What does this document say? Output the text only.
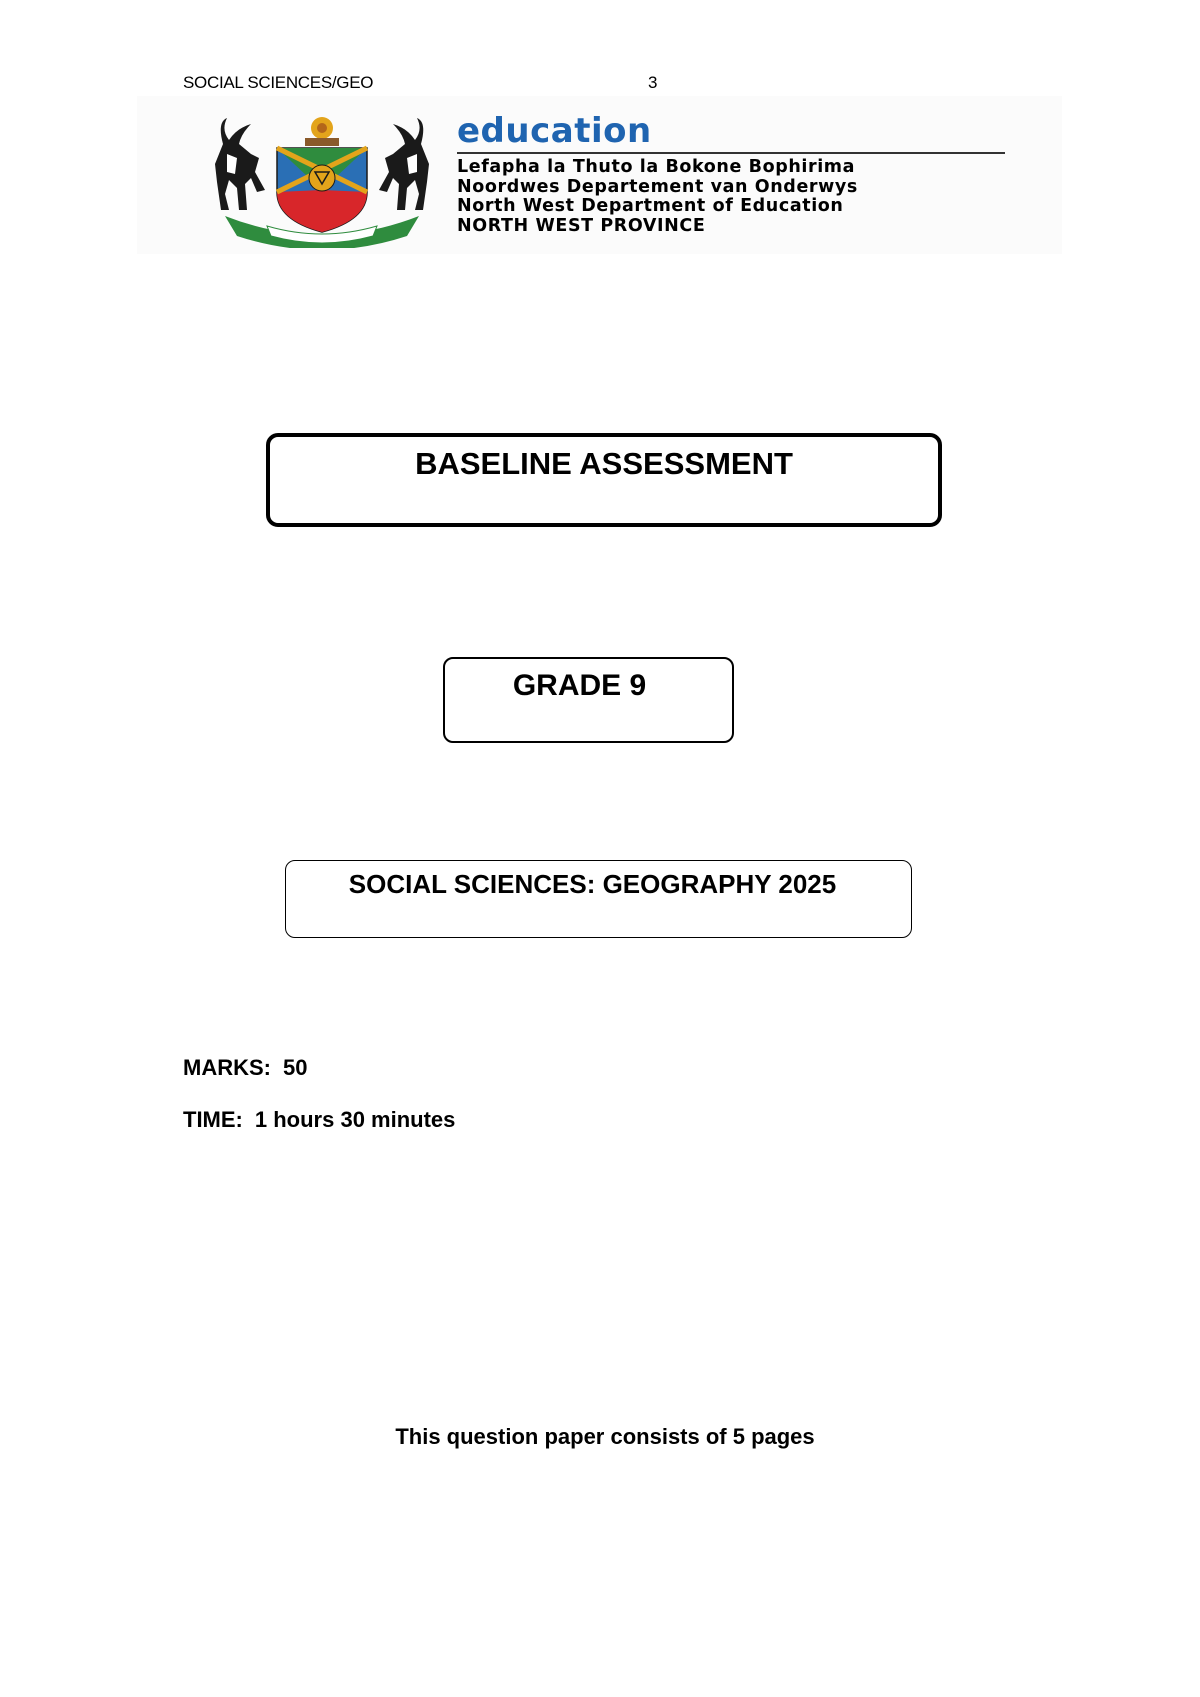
SOCIAL SCIENCES/GEO	3
education
Lefapha la Thuto la Bokone Bophirima
Noordwes Departement van Onderwys
North West Department of Education
NORTH WEST PROVINCE
BASELINE ASSESSMENT
GRADE 9
SOCIAL SCIENCES: GEOGRAPHY 2025
MARKS: 50
TIME: 1 hours 30 minutes
This question paper consists of 5 pages
